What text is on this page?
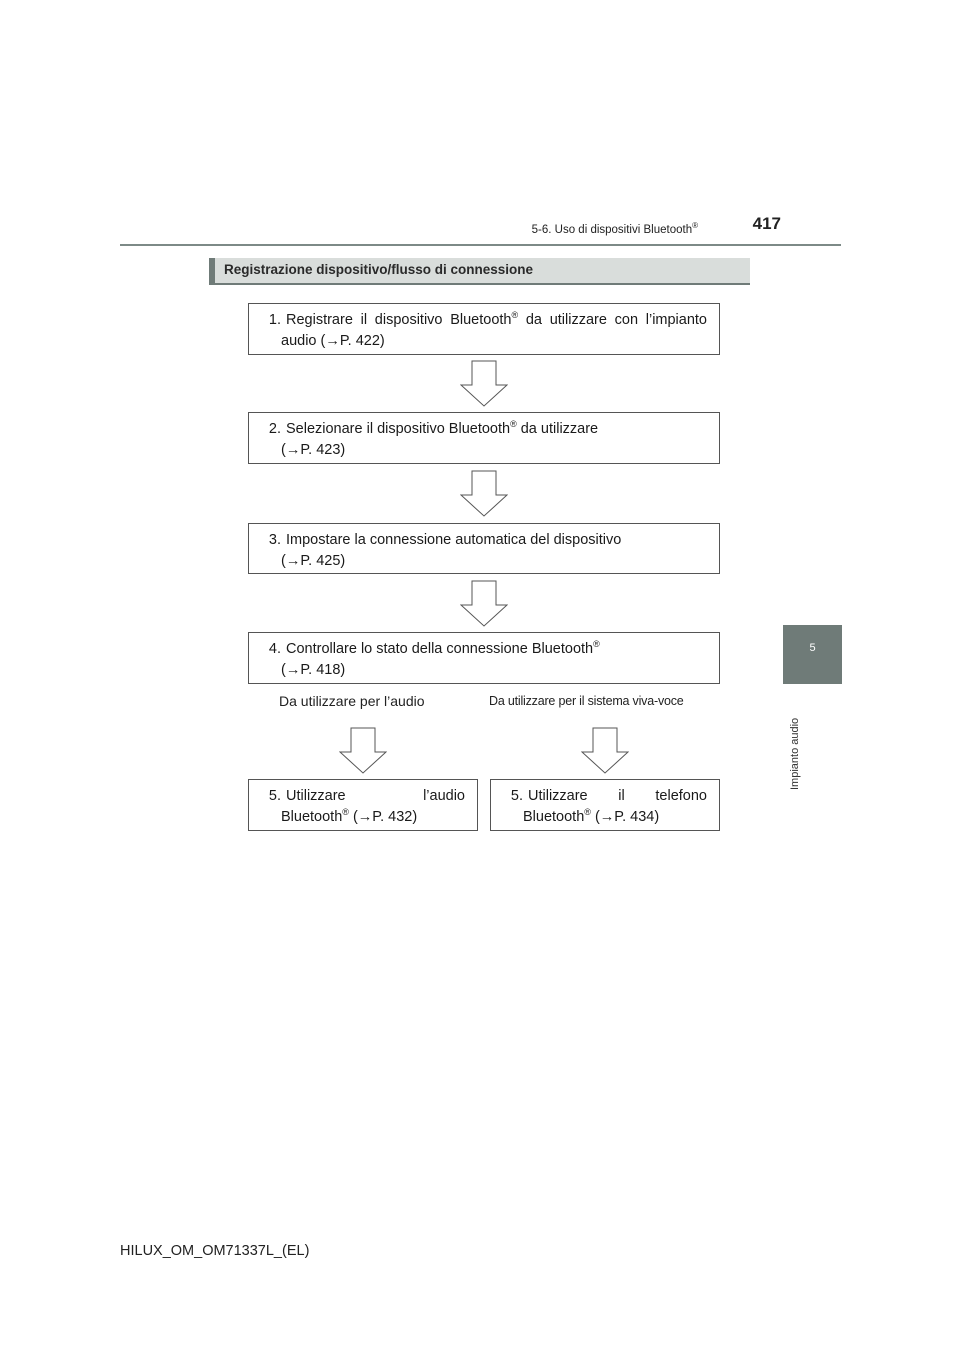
5-6. Uso di dispositivi Bluetooth®	417
5
Impianto audio
Registrazione dispositivo/flusso di connessione
1. Registrare il dispositivo Bluetooth® da utilizzare con l’impianto
audio (→P. 422)
2. Selezionare il dispositivo Bluetooth® da utilizzare
(→P. 423)
3. Impostare la connessione automatica del dispositivo
(→P. 425)
4. Controllare lo stato della connessione Bluetooth®
(→P. 418)
Da utilizzare per l’audio	Da utilizzare per il sistema viva-voce
5. Utilizzare l’audio
Bluetooth® (→P. 432)
5. Utilizzare il telefono
Bluetooth® (→P. 434)
HILUX_OM_OM71337L_(EL)
